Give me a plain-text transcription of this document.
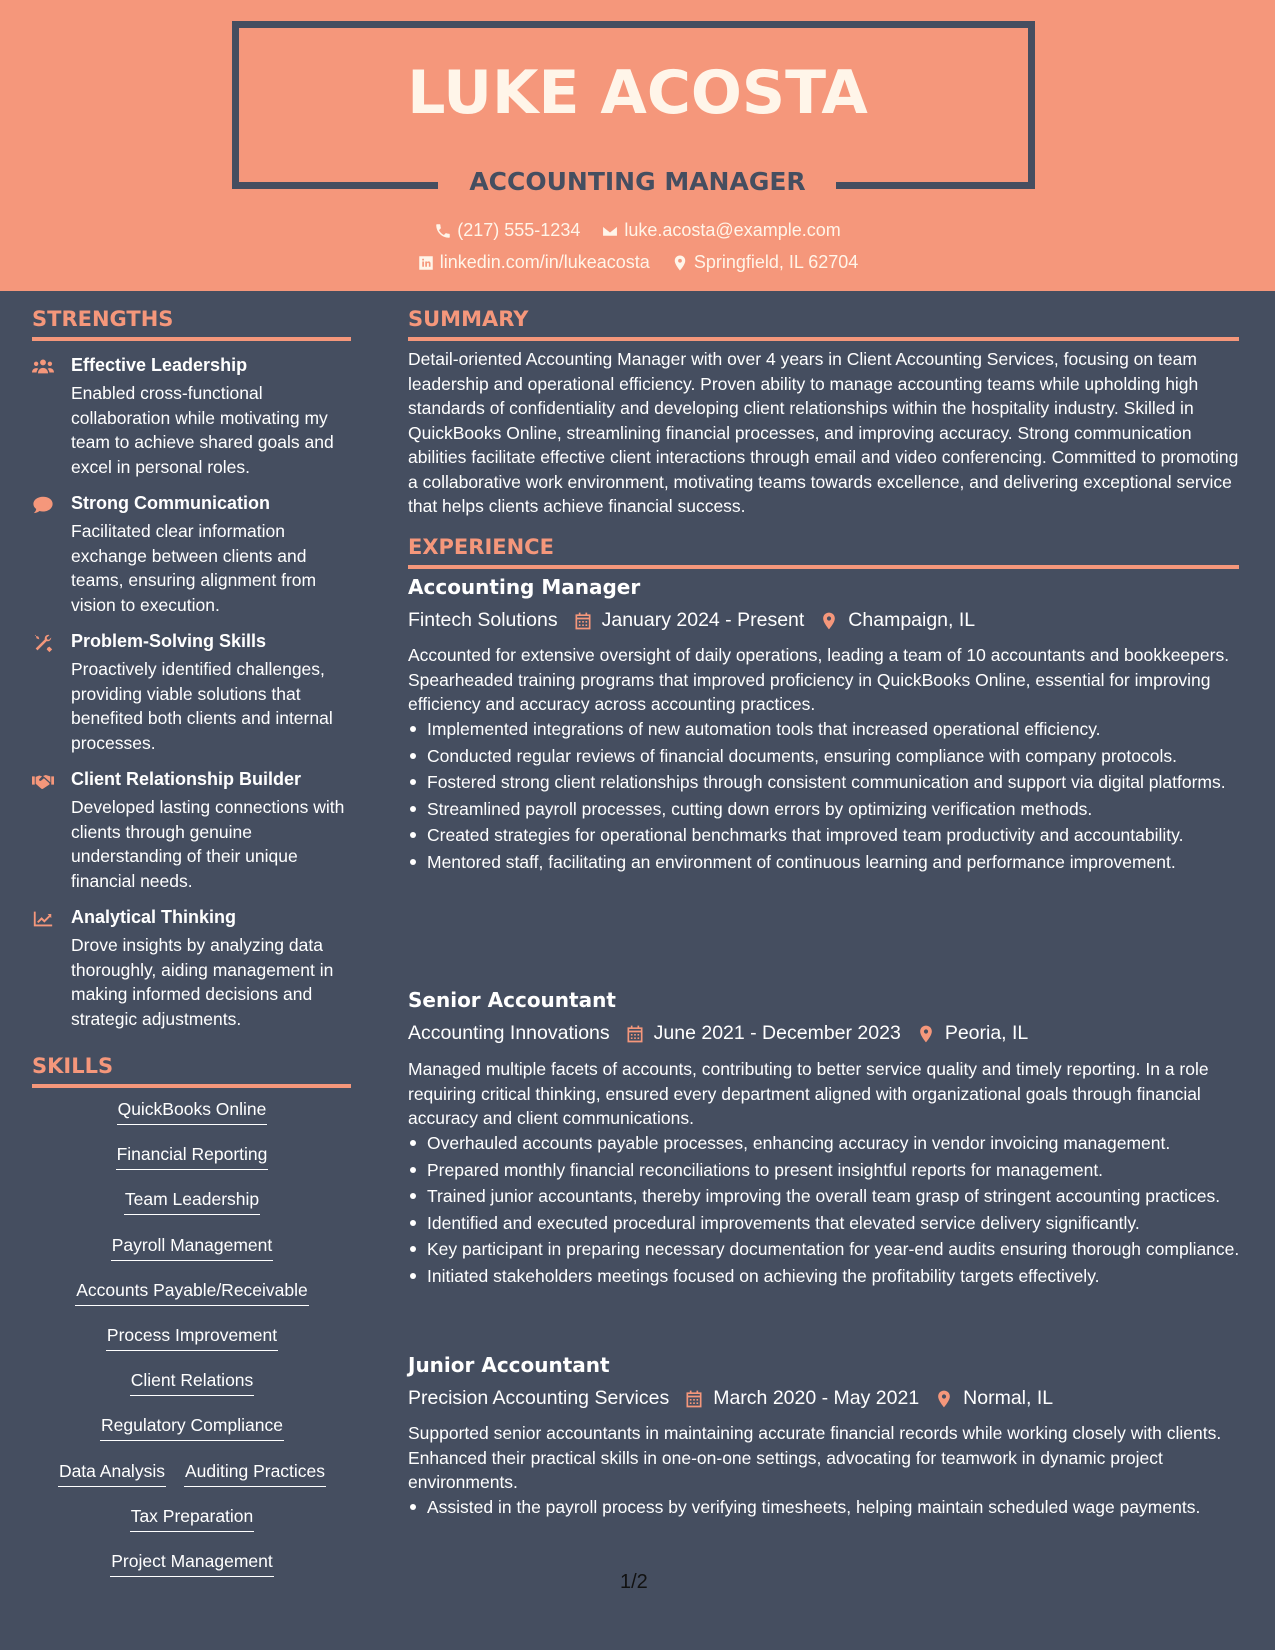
LUKE ACOSTA
ACCOUNTING MANAGER
(217) 555-1234
luke.acosta@example.com
linkedin.com/in/lukeacosta
Springfield, IL 62704
STRENGTHS
Effective Leadership
Enabled cross-functional collaboration while motivating my team to achieve shared goals and excel in personal roles.
Strong Communication
Facilitated clear information exchange between clients and teams, ensuring alignment from vision to execution.
Problem-Solving Skills
Proactively identified challenges, providing viable solutions that benefited both clients and internal processes.
Client Relationship Builder
Developed lasting connections with clients through genuine understanding of their unique financial needs.
Analytical Thinking
Drove insights by analyzing data thoroughly, aiding management in making informed decisions and strategic adjustments.
SKILLS
QuickBooks Online
Financial Reporting
Team Leadership
Payroll Management
Accounts Payable/Receivable
Process Improvement
Client Relations
Regulatory Compliance
Data Analysis Auditing Practices
Tax Preparation
Project Management
SUMMARY
Detail-oriented Accounting Manager with over 4 years in Client Accounting Services, focusing on team leadership and operational efficiency. Proven ability to manage accounting teams while upholding high standards of confidentiality and developing client relationships within the hospitality industry. Skilled in QuickBooks Online, streamlining financial processes, and improving accuracy. Strong communication abilities facilitate effective client interactions through email and video conferencing. Committed to promoting a collaborative work environment, motivating teams towards excellence, and delivering exceptional service that helps clients achieve financial success.
EXPERIENCE
Accounting Manager
Fintech Solutions January 2024 - Present Champaign, IL
Accounted for extensive oversight of daily operations, leading a team of 10 accountants and bookkeepers. Spearheaded training programs that improved proficiency in QuickBooks Online, essential for improving efficiency and accuracy across accounting practices.
Implemented integrations of new automation tools that increased operational efficiency.
Conducted regular reviews of financial documents, ensuring compliance with company protocols.
Fostered strong client relationships through consistent communication and support via digital platforms.
Streamlined payroll processes, cutting down errors by optimizing verification methods.
Created strategies for operational benchmarks that improved team productivity and accountability.
Mentored staff, facilitating an environment of continuous learning and performance improvement.
Senior Accountant
Accounting Innovations June 2021 - December 2023 Peoria, IL
Managed multiple facets of accounts, contributing to better service quality and timely reporting. In a role requiring critical thinking, ensured every department aligned with organizational goals through financial accuracy and client communications.
Overhauled accounts payable processes, enhancing accuracy in vendor invoicing management.
Prepared monthly financial reconciliations to present insightful reports for management.
Trained junior accountants, thereby improving the overall team grasp of stringent accounting practices.
Identified and executed procedural improvements that elevated service delivery significantly.
Key participant in preparing necessary documentation for year-end audits ensuring thorough compliance.
Initiated stakeholders meetings focused on achieving the profitability targets effectively.
Junior Accountant
Precision Accounting Services March 2020 - May 2021 Normal, IL
Supported senior accountants in maintaining accurate financial records while working closely with clients. Enhanced their practical skills in one-on-one settings, advocating for teamwork in dynamic project environments.
Assisted in the payroll process by verifying timesheets, helping maintain scheduled wage payments.
1/2
